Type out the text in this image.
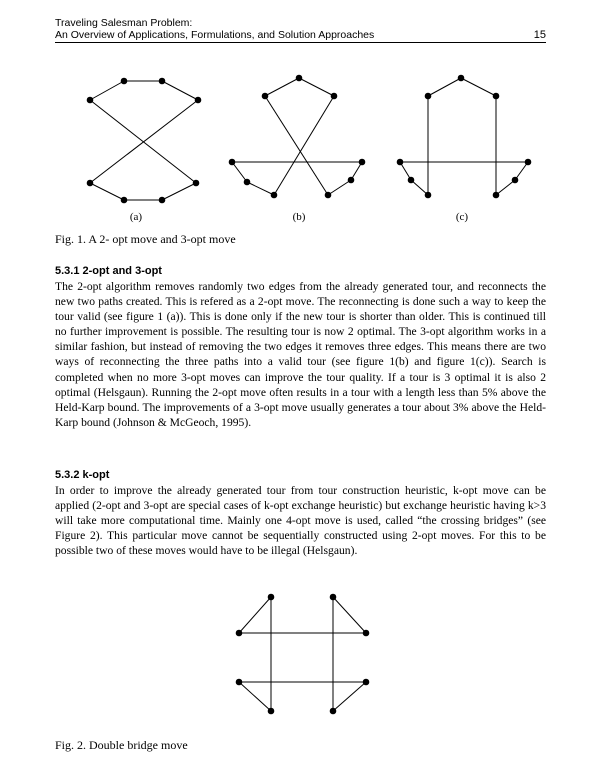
Traveling Salesman Problem:
An Overview of Applications, Formulations, and Solution Approaches	15
(a)	(b)	(c)
Fig. 1. A 2- opt move and 3-opt move
5.3.1 2-opt and 3-opt

The 2-opt algorithm removes randomly two edges from the already generated tour, and reconnects the new two paths created. This is refered as a 2-opt move. The reconnecting is done such a way to keep the tour valid (see figure 1 (a)). This is done only if the new tour is shorter than older. This is continued till no further improvement is possible. The resulting tour is now 2 optimal. The 3-opt algorithm works in a similar fashion, but instead of removing the two edges it removes three edges. This means there are two ways of reconnecting the three paths into a valid tour (see figure 1(b) and figure 1(c)). Search is completed when no more 3-opt moves can improve the tour quality. If a tour is 3 optimal it is also 2 optimal (Helsgaun). Running the 2-opt move often results in a tour with a length less than 5% above the Held-Karp bound. The improvements of a 3-opt move usually generates a tour about 3% above the Held-Karp bound (Johnson & McGeoch, 1995).

5.3.2 k-opt

In order to improve the already generated tour from tour construction heuristic, k-opt move can be applied (2-opt and 3-opt are special cases of k-opt exchange heuristic) but exchange heuristic having k>3 will take more computational time. Mainly one 4-opt move is used, called “the crossing bridges” (see Figure 2). This particular move cannot be sequentially constructed using 2-opt moves. For this to be possible two of these moves would have to be illegal (Helsgaun).

Fig. 2. Double bridge move
